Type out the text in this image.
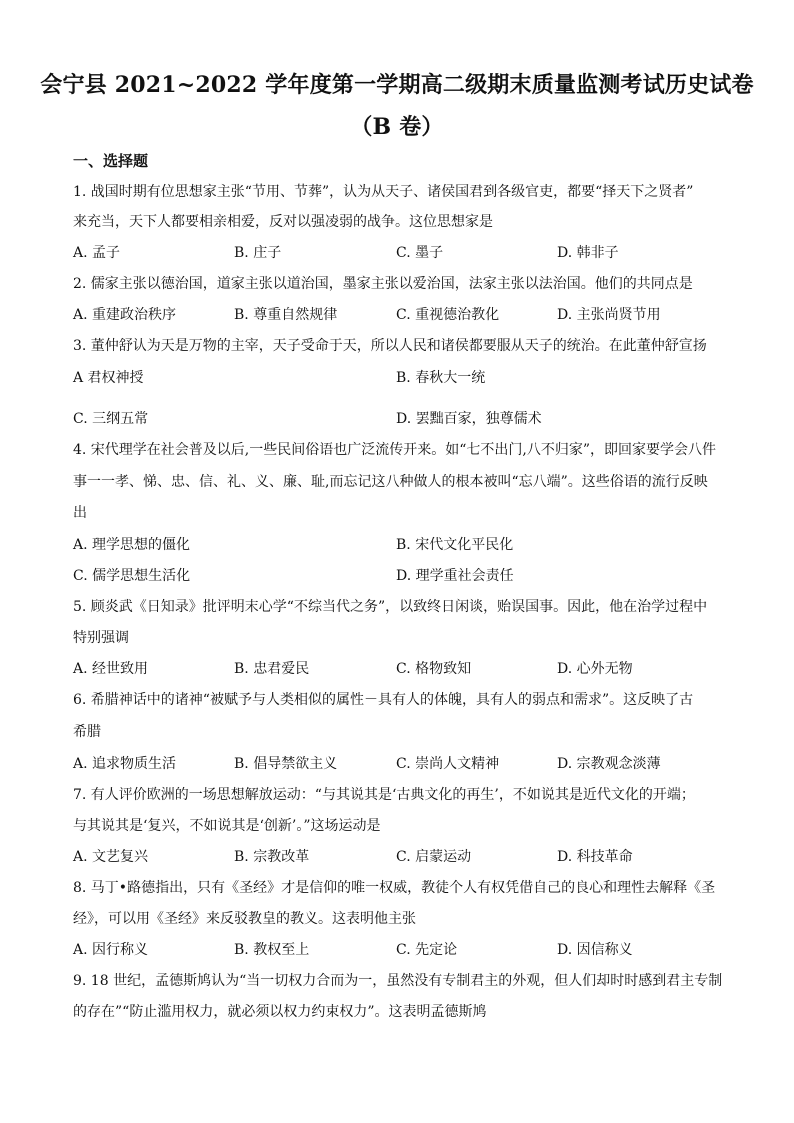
会宁县 2021~2022 学年度第一学期高二级期末质量监测考试历史试卷
（B 卷）
一、选择题
1. 战国时期有位思想家主张“节用、节葬”，认为从天子、诸侯国君到各级官吏，都要“择天下之贤者”
来充当，天下人都要相亲相爱，反对以强凌弱的战争。这位思想家是
A. 孟子	B. 庄子	C. 墨子	D. 韩非子
2. 儒家主张以德治国，道家主张以道治国，墨家主张以爱治国，法家主张以法治国。他们的共同点是
A. 重建政治秩序	B. 尊重自然规律	C. 重视德治教化	D. 主张尚贤节用
3. 董仲舒认为天是万物的主宰，天子受命于天，所以人民和诸侯都要服从天子的统治。在此董仲舒宣扬
A 君权神授	B. 春秋大一统
C. 三纲五常	D. 罢黜百家，独尊儒术
4. 宋代理学在社会普及以后,一些民间俗语也广泛流传开来。如“七不出门,八不归家”，即回家要学会八件
事一一孝、悌、忠、信、礼、义、廉、耻,而忘记这八种做人的根本被叫“忘八端”。这些俗语的流行反映
出
A. 理学思想的僵化	B. 宋代文化平民化
C. 儒学思想生活化	D. 理学重社会责任
5. 顾炎武《日知录》批评明末心学“不综当代之务”，以致终日闲谈，贻误国事。因此，他在治学过程中
特别强调
A. 经世致用	B. 忠君爱民	C. 格物致知	D. 心外无物
6. 希腊神话中的诸神“被赋予与人类相似的属性－具有人的体魄，具有人的弱点和需求”。这反映了古
希腊
A. 追求物质生活	B. 倡导禁欲主义	C. 崇尚人文精神	D. 宗教观念淡薄
7. 有人评价欧洲的一场思想解放运动：“与其说其是‘古典文化的再生’，不如说其是近代文化的开端；
与其说其是‘复兴，不如说其是‘创新’。”这场运动是
A. 文艺复兴	B. 宗教改革	C. 启蒙运动	D. 科技革命
8. 马丁•路德指出，只有《圣经》才是信仰的唯一权威，教徒个人有权凭借自己的良心和理性去解释《圣
经》，可以用《圣经》来反驳教皇的教义。这表明他主张
A. 因行称义	B. 教权至上	C. 先定论	D. 因信称义
9. 18 世纪，孟德斯鸠认为“当一切权力合而为一，虽然没有专制君主的外观，但人们却时时感到君主专制
的存在”“防止滥用权力，就必须以权力约束权力”。这表明孟德斯鸠
